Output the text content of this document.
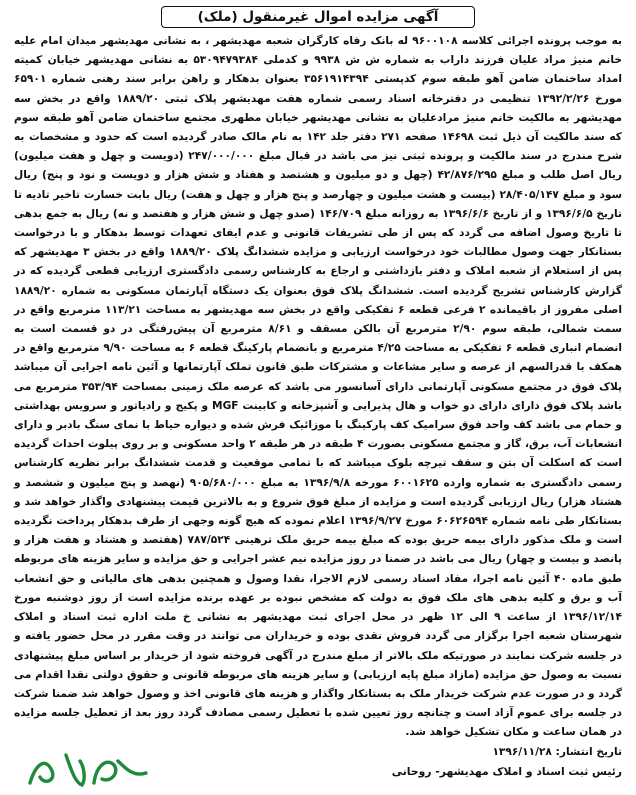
آگهی مزایده اموال غیرمنقول (ملک)

به موجب پرونده اجرائی کلاسه ۹۶۰۰۱۰۸ له بانک رفاه کارگران شعبه مهدیشهر ، به نشانی مهدیشهر میدان امام علیه خانم منیژ مراد علیان فرزند داراب به شماره ش ش ۹۹۳۸ و کدملی ۵۳۰۹۴۷۹۳۸۴ به نشانی مهدیشهر خیابان کمیته امداد ساختمان ضامن آهو طبقه سوم کدپستی ۳۵۶۱۹۱۴۳۹۴ بعنوان بدهکار و راهن برابر سند رهنی شماره ۶۵۹۰۱ مورخ ۱۳۹۲/۲/۲۶ تنظیمی در دفترخانه اسناد رسمی شماره هفت مهدیشهر پلاک ثبتی ۱۸۸۹/۲۰ واقع در بخش سه مهدیشهر به مالکیت خانم منیژ مرادعلیان به نشانی مهدیشهر خیابان مطهری مجتمع ساختمان ضامن آهو طبقه سوم که سند مالکیت آن ذیل ثبت ۱۴۶۹۸ صفحه ۲۷۱ دفتر جلد ۱۴۲ به نام مالک صادر گردیده است که حدود و مشخصات به شرح مندرج در سند مالکیت و پرونده ثبتی نیز می باشد در قبال مبلغ ۲۴۷/۰۰۰/۰۰۰ (دویست و چهل و هفت میلیون) ریال اصل طلب و مبلغ ۴۲/۸۷۶/۲۹۵ (چهل و دو میلیون و هشتصد و هفتاد و شش هزار و دویست و نود و پنج) ریال سود و مبلغ ۲۸/۴۰۵/۱۴۷ (بیست و هشت میلیون و چهارصد و پنج هزار و چهل و هفت) ریال بابت خسارت تاخیر تادیه تا تاریخ ۱۳۹۶/۶/۵ و از تاریخ ۱۳۹۶/۶/۶ به روزانه مبلغ ۱۴۶/۷۰۹ (صدو چهل و شش هزار و هفتصد و نه) ریال به جمع بدهی تا تاریخ وصول اضافه می گردد که پس از طی تشریفات قانونی و عدم ایفای تعهدات توسط بدهکار و با درخواست بستانکار جهت وصول مطالبات خود درخواست ارزیابی و مزایده ششدانگ پلاک ۱۸۸۹/۲۰ واقع در بخش ۳ مهدیشهر که پس از استعلام از شعبه املاک و دفتر بازداشتی و ارجاع به کارشناس رسمی دادگستری ارزیابی قطعی گردیده که در گزارش کارشناس تشریح گردیده است. ششدانگ پلاک فوق بعنوان یک دستگاه آپارتمان مسکونی به شماره ۱۸۸۹/۲۰ اصلی مفروز از باقیمانده ۲ فرعی قطعه ۶ تفکیکی واقع در بخش سه مهدیشهر به مساحت ۱۱۳/۲۱ مترمربع واقع در سمت شمالی، طبقه سوم ۲/۹۰ مترمربع آن بالکن مسقف و ۸/۶۱ مترمربع آن پیش‌رفتگی در دو قسمت است به انضمام انباری قطعه ۶ تفکیکی به مساحت ۴/۲۵ مترمربع و بانضمام پارکینگ قطعه ۶ به مساحت ۹/۹۰ مترمربع واقع در همکف با قدرالسهم از عرصه و سایر مشاعات و مشترکات طبق قانون تملک آپارتمانها و آئین نامه اجرایی آن میباشد پلاک فوق در مجتمع مسکونی آپارتمانی دارای آسانسور می باشد که عرصه ملک زمینی بمساحت ۳۵۳/۹۴ مترمربع می باشد پلاک فوق دارای دارای دو خواب و هال پذیرایی و آشپزخانه و کابینت MGF و پکیج و رادیاتور و سرویس بهداشتی و حمام می باشد کف واحد فوق سرامیک کف پارکینگ با موزائیک فرش شده و دیواره حیاط با نمای سنگ بادبر و دارای انشعابات آب، برق، گاز و مجتمع مسکونی بصورت ۴ طبقه در هر طبقه ۲ واحد مسکونی و بر روی پیلوت احداث گردیده است که اسکلت آن بتن و سقف تیرچه بلوک میباشد که با تمامی موقعیت و قدمت ششدانگ برابر نظریه کارشناس رسمی دادگستری به شماره وارده ۶۰۰۱۶۲۵ مورخه ۱۳۹۶/۹/۸ به مبلغ ۹۰۵/۶۸۰/۰۰۰ (نهصد و پنج میلیون و ششصد و هشتاد هزار) ریال ارزیابی گردیده است و مزایده از مبلغ فوق شروع و به بالاترین قیمت پیشنهادی واگذار خواهد شد و بستانکار طی نامه شماره ۶۰۶۲۶۵۹۴ مورخ ۱۳۹۶/۹/۲۷ اعلام نموده که هیچ گونه وجهی از طرف بدهکار پرداخت نگردیده است و ملک مذکور دارای بیمه حریق بوده که مبلغ بیمه حریق ملک ترهینی ۷۸۷/۵۲۴ (هفتصد و هشتاد و هفت هزار و پانصد و بیست و چهار) ریال می باشد در ضمنا در روز مزایده نیم عشر اجرایی و حق مزایده و سایر هزینه های مربوطه طبق ماده ۴۰ آئین نامه اجرا، مفاد اسناد رسمی لازم الاجرا، نقدا وصول و همچنین بدهی های مالیاتی و حق انشعاب آب و برق و کلیه بدهی های ملک فوق به دولت که مشخص نبوده بر عهده برنده مزایده است از روز دوشنبه مورخ ۱۳۹۶/۱۲/۱۴ از ساعت ۹ الی ۱۲ ظهر در محل اجرای ثبت مهدیشهر به نشانی خ ملت اداره ثبت اسناد و املاک شهرستان شعبه اجرا برگزار می گردد فروش نقدی بوده و خریداران می توانند در وقت مقرر در محل حضور یافته و در جلسه شرکت نمایند در صورتیکه ملک بالاتر از مبلغ مندرج در آگهی فروخته شود از خریدار بر اساس مبلغ پیشنهادی نسبت به وصول حق مزایده (مازاد مبلغ پایه ارزیابی) و سایر هزینه های مربوطه قانونی و حقوق دولتی نقدا اقدام می گردد و در صورت عدم شرکت خریدار ملک به بستانکار واگذار و هزینه های قانونی اخذ و وصول خواهد شد ضمنا شرکت در جلسه برای عموم آزاد است و چنانچه روز تعیین شده با تعطیل رسمی مصادف گردد روز بعد از تعطیل جلسه مزایده در همان ساعت و مکان تشکیل خواهد شد.

تاریخ انتشار: ۱۳۹۶/۱۱/۲۸

رئیس ثبت اسناد و املاک مهدیشهر- روحانی
